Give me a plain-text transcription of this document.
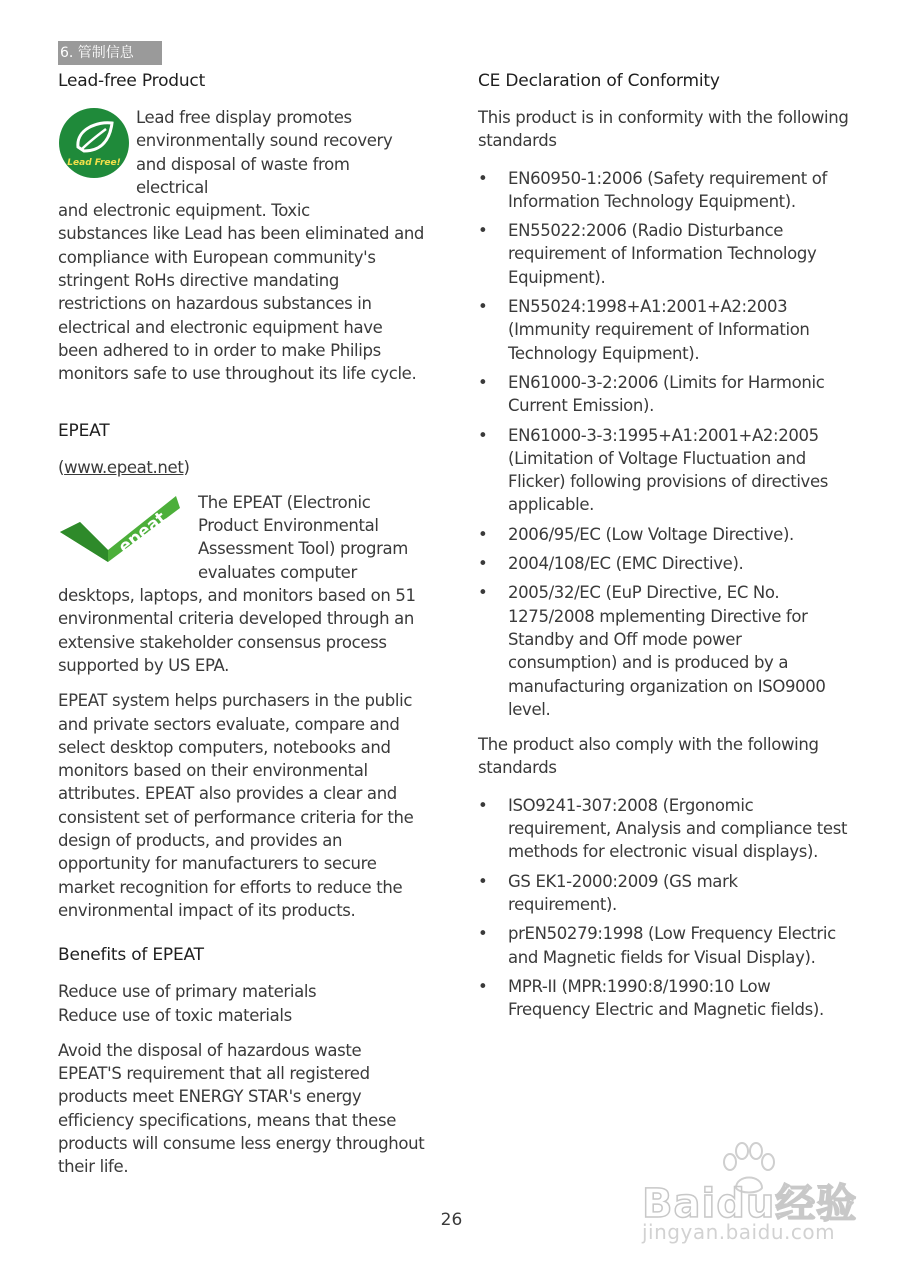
6. 管制信息
Lead-free Product
Lead Free!

Lead free display promotes

environmentally sound recovery

and disposal of waste from electrical

and electronic equipment. Toxic

substances like Lead has been eliminated and compliance with European community's stringent RoHs directive mandating restrictions on hazardous substances in electrical and electronic equipment have been adhered to in order to make Philips monitors safe to use throughout its life cycle.

EPEAT

(www.epeat.net)

epeat

The EPEAT (Electronic

Product Environmental

Assessment Tool) program

evaluates computer

desktops, laptops, and monitors based on 51 environmental criteria developed through an extensive stakeholder consensus process supported by US EPA.

EPEAT system helps purchasers in the public and private sectors evaluate, compare and select desktop computers, notebooks and monitors based on their environmental attributes. EPEAT also provides a clear and consistent set of performance criteria for the design of products, and provides an opportunity for manufacturers to secure market recognition for efforts to reduce the environmental impact of its products.

Benefits of EPEAT

Reduce use of primary materials

Reduce use of toxic materials

Avoid the disposal of hazardous waste EPEAT'S requirement that all registered products meet ENERGY STAR's energy efficiency specifications, means that these products will consume less energy throughout their life.

CE Declaration of Conformity

This product is in conformity with the following standards

• EN60950-1:2006 (Safety requirement of Information Technology Equipment).
• EN55022:2006 (Radio Disturbance requirement of Information Technology Equipment).
• EN55024:1998+A1:2001+A2:2003 (Immunity requirement of Information Technology Equipment).
• EN61000-3-2:2006 (Limits for Harmonic Current Emission).
• EN61000-3-3:1995+A1:2001+A2:2005 (Limitation of Voltage Fluctuation and Flicker) following provisions of directives applicable.
• 2006/95/EC (Low Voltage Directive).
• 2004/108/EC (EMC Directive).
• 2005/32/EC (EuP Directive, EC No. 1275/2008 mplementing Directive for Standby and Off mode power consumption) and is produced by a manufacturing organization on ISO9000 level.

The product also comply with the following standards

• ISO9241-307:2008 (Ergonomic requirement, Analysis and compliance test methods for electronic visual displays).
• GS EK1-2000:2009 (GS mark requirement).
• prEN50279:1998 (Low Frequency Electric and Magnetic fields for Visual Display).
• MPR-II (MPR:1990:8/1990:10 Low Frequency Electric and Magnetic fields).
26	Baidu经验
jingyan.baidu.com
